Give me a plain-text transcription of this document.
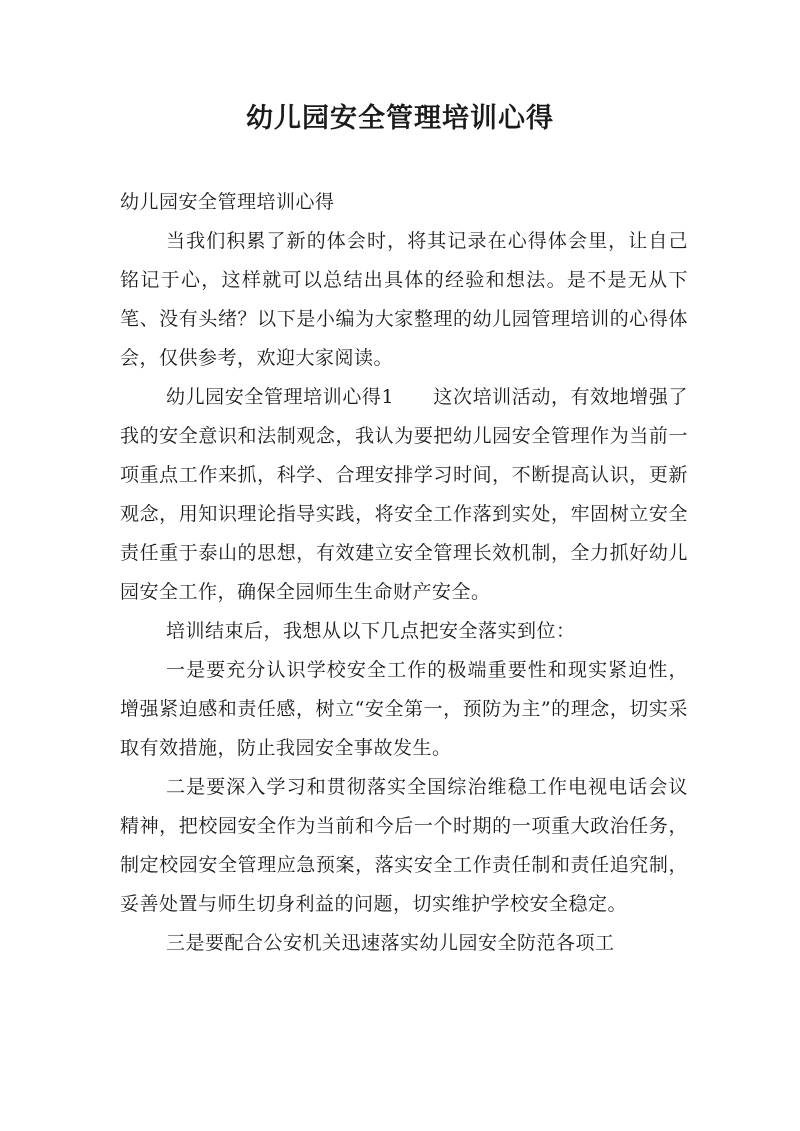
幼儿园安全管理培训心得

幼儿园安全管理培训心得

当我们积累了新的体会时，将其记录在心得体会里，让自己铭记于心，这样就可以总结出具体的经验和想法。是不是无从下笔、没有头绪？以下是小编为大家整理的幼儿园管理培训的心得体会，仅供参考，欢迎大家阅读。

幼儿园安全管理培训心得1　　这次培训活动，有效地增强了我的安全意识和法制观念，我认为要把幼儿园安全管理作为当前一项重点工作来抓，科学、合理安排学习时间，不断提高认识，更新观念，用知识理论指导实践，将安全工作落到实处，牢固树立安全责任重于泰山的思想，有效建立安全管理长效机制，全力抓好幼儿园安全工作，确保全园师生生命财产安全。

培训结束后，我想从以下几点把安全落实到位：

一是要充分认识学校安全工作的极端重要性和现实紧迫性，增强紧迫感和责任感，树立“安全第一，预防为主”的理念，切实采取有效措施，防止我园安全事故发生。

二是要深入学习和贯彻落实全国综治维稳工作电视电话会议精神，把校园安全作为当前和今后一个时期的一项重大政治任务，制定校园安全管理应急预案，落实安全工作责任制和责任追究制，妥善处置与师生切身利益的问题，切实维护学校安全稳定。

三是要配合公安机关迅速落实幼儿园安全防范各项工
